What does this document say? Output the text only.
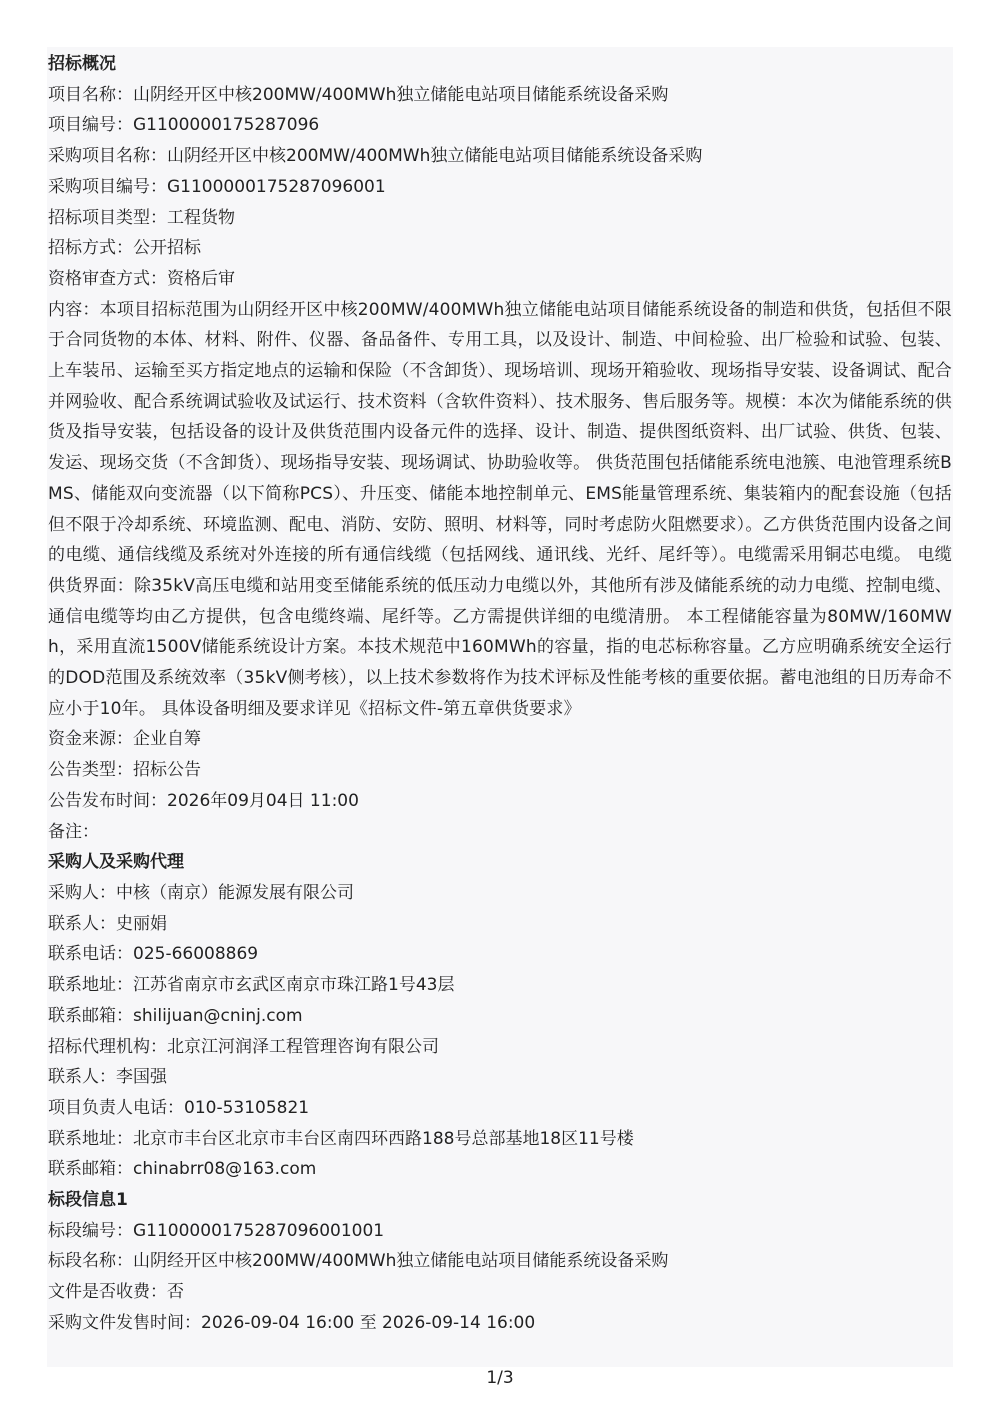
招标概况
项目名称：山阴经开区中核200MW/400MWh独立储能电站项目储能系统设备采购
项目编号：G1100000175287096
采购项目名称：山阴经开区中核200MW/400MWh独立储能电站项目储能系统设备采购
采购项目编号：G1100000175287096001
招标项目类型：工程货物
招标方式：公开招标
资格审查方式：资格后审
内容：本项目招标范围为山阴经开区中核200MW/400MWh独立储能电站项目储能系统设备的制造和供货，包括但不限于合同货物的本体、材料、附件、仪器、备品备件、专用工具，以及设计、制造、中间检验、出厂检验和试验、包装、上车装吊、运输至买方指定地点的运输和保险（不含卸货）、现场培训、现场开箱验收、现场指导安装、设备调试、配合并网验收、配合系统调试验收及试运行、技术资料（含软件资料）、技术服务、售后服务等。规模：本次为储能系统的供货及指导安装，包括设备的设计及供货范围内设备元件的选择、设计、制造、提供图纸资料、出厂试验、供货、包装、发运、现场交货（不含卸货）、现场指导安装、现场调试、协助验收等。 供货范围包括储能系统电池簇、电池管理系统BMS、储能双向变流器（以下简称PCS）、升压变、储能本地控制单元、EMS能量管理系统、集装箱内的配套设施（包括但不限于冷却系统、环境监测、配电、消防、安防、照明、材料等，同时考虑防火阻燃要求）。乙方供货范围内设备之间的电缆、通信线缆及系统对外连接的所有通信线缆（包括网线、通讯线、光纤、尾纤等）。电缆需采用铜芯电缆。 电缆供货界面：除35kV高压电缆和站用变至储能系统的低压动力电缆以外，其他所有涉及储能系统的动力电缆、控制电缆、通信电缆等均由乙方提供，包含电缆终端、尾纤等。乙方需提供详细的电缆清册。 本工程储能容量为80MW/160MWh，采用直流1500V储能系统设计方案。本技术规范中160MWh的容量，指的电芯标称容量。乙方应明确系统安全运行的DOD范围及系统效率（35kV侧考核），以上技术参数将作为技术评标及性能考核的重要依据。蓄电池组的日历寿命不应小于10年。 具体设备明细及要求详见《招标文件-第五章供货要求》
资金来源：企业自筹
公告类型：招标公告
公告发布时间：2026年09月04日 11:00
备注：
采购人及采购代理
采购人：中核（南京）能源发展有限公司
联系人：史丽娟
联系电话：025-66008869
联系地址：江苏省南京市玄武区南京市珠江路1号43层
联系邮箱：shilijuan@cninj.com
招标代理机构：北京江河润泽工程管理咨询有限公司
联系人：李国强
项目负责人电话：010-53105821
联系地址：北京市丰台区北京市丰台区南四环西路188号总部基地18区11号楼
联系邮箱：chinabrr08@163.com
标段信息1
标段编号：G1100000175287096001001
标段名称：山阴经开区中核200MW/400MWh独立储能电站项目储能系统设备采购
文件是否收费：否
采购文件发售时间：2026-09-04 16:00 至 2026-09-14 16:00
1/3
